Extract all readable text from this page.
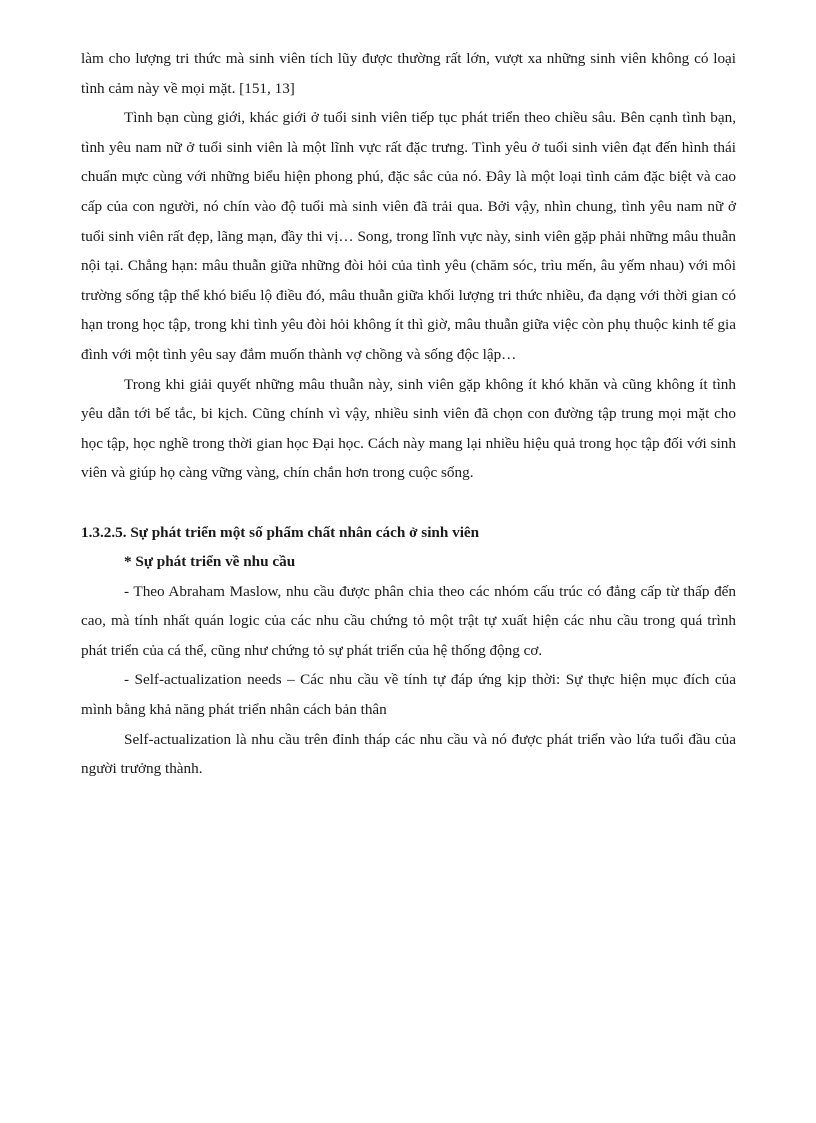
làm cho lượng tri thức mà sinh viên tích lũy được thường rất lớn, vượt xa những sinh viên không có loại tình cảm này về mọi mặt. [151, 13]

Tình bạn cùng giới, khác giới ở tuổi sinh viên tiếp tục phát triển theo chiều sâu. Bên cạnh tình bạn, tình yêu nam nữ ở tuổi sinh viên là một lĩnh vực rất đặc trưng. Tình yêu ở tuổi sinh viên đạt đến hình thái chuẩn mực cùng với những biểu hiện phong phú, đặc sắc của nó. Đây là một loại tình cảm đặc biệt và cao cấp của con người, nó chín vào độ tuổi mà sinh viên đã trải qua. Bởi vậy, nhìn chung, tình yêu nam nữ ở tuổi sinh viên rất đẹp, lãng mạn, đầy thi vị… Song, trong lĩnh vực này, sinh viên gặp phải những mâu thuẫn nội tại. Chẳng hạn: mâu thuẫn giữa những đòi hỏi của tình yêu (chăm sóc, trìu mến, âu yếm nhau) với môi trường sống tập thể khó biểu lộ điều đó, mâu thuẫn giữa khối lượng tri thức nhiều, đa dạng với thời gian có hạn trong học tập, trong khi tình yêu đòi hỏi không ít thì giờ, mâu thuẫn giữa việc còn phụ thuộc kinh tế gia đình với một tình yêu say đắm muốn thành vợ chồng và sống độc lập…

Trong khi giải quyết những mâu thuẫn này, sinh viên gặp không ít khó khăn và cũng không ít tình yêu dẫn tới bế tắc, bi kịch. Cũng chính vì vậy, nhiều sinh viên đã chọn con đường tập trung mọi mặt cho học tập, học nghề trong thời gian học Đại học. Cách này mang lại nhiều hiệu quả trong học tập đối với sinh viên và giúp họ càng vững vàng, chín chắn hơn trong cuộc sống.

1.3.2.5. Sự phát triển một số phẩm chất nhân cách ở sinh viên

* Sự phát triển về nhu cầu

- Theo Abraham Maslow, nhu cầu được phân chia theo các nhóm cấu trúc có đẳng cấp từ thấp đến cao, mà tính nhất quán logic của các nhu cầu chứng tỏ một trật tự xuất hiện các nhu cầu trong quá trình phát triển của cá thể, cũng như chứng tỏ sự phát triển của hệ thống động cơ.

- Self-actualization needs – Các nhu cầu về tính tự đáp ứng kịp thời: Sự thực hiện mục đích của mình bằng khả năng phát triển nhân cách bản thân

Self-actualization là nhu cầu trên đỉnh tháp các nhu cầu và nó được phát triển vào lứa tuổi đầu của người trưởng thành.
